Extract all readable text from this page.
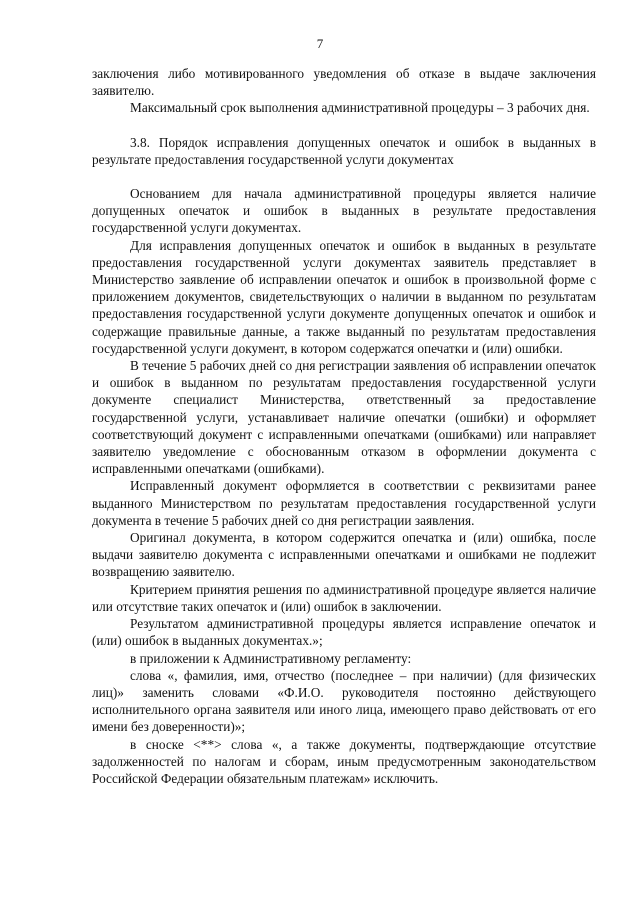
7

заключения либо мотивированного уведомления об отказе в выдаче заключения заявителю.

Максимальный срок выполнения административной процедуры – 3 рабочих дня.

3.8. Порядок исправления допущенных опечаток и ошибок в выданных в результате предоставления государственной услуги документах

Основанием для начала административной процедуры является наличие допущенных опечаток и ошибок в выданных в результате предоставления государственной услуги документах.

Для исправления допущенных опечаток и ошибок в выданных в результате предоставления государственной услуги документах заявитель представляет в Министерство заявление об исправлении опечаток и ошибок в произвольной форме с приложением документов, свидетельствующих о наличии в выданном по результатам предоставления государственной услуги документе допущенных опечаток и ошибок и содержащие правильные данные, а также выданный по результатам предоставления государственной услуги документ, в котором содержатся опечатки и (или) ошибки.

В течение 5 рабочих дней со дня регистрации заявления об исправлении опечаток и ошибок в выданном по результатам предоставления государственной услуги документе специалист Министерства, ответственный за предоставление государственной услуги, устанавливает наличие опечатки (ошибки) и оформляет соответствующий документ с исправленными опечатками (ошибками) или направляет заявителю уведомление с обоснованным отказом в оформлении документа с исправленными опечатками (ошибками).

Исправленный документ оформляется в соответствии с реквизитами ранее выданного Министерством по результатам предоставления государственной услуги документа в течение 5 рабочих дней со дня регистрации заявления.

Оригинал документа, в котором содержится опечатка и (или) ошибка, после выдачи заявителю документа с исправленными опечатками и ошибками не подлежит возвращению заявителю.

Критерием принятия решения по административной процедуре является наличие или отсутствие таких опечаток и (или) ошибок в заключении.

Результатом административной процедуры является исправление опечаток и (или) ошибок в выданных документах.»;

в приложении к Административному регламенту:

слова «, фамилия, имя, отчество (последнее – при наличии) (для физических лиц)» заменить словами «Ф.И.О. руководителя постоянно действующего исполнительного органа заявителя или иного лица, имеющего право действовать от его имени без доверенности)»;

в сноске <**> слова «, а также документы, подтверждающие отсутствие задолженностей по налогам и сборам, иным предусмотренным законодательством Российской Федерации обязательным платежам» исключить.
